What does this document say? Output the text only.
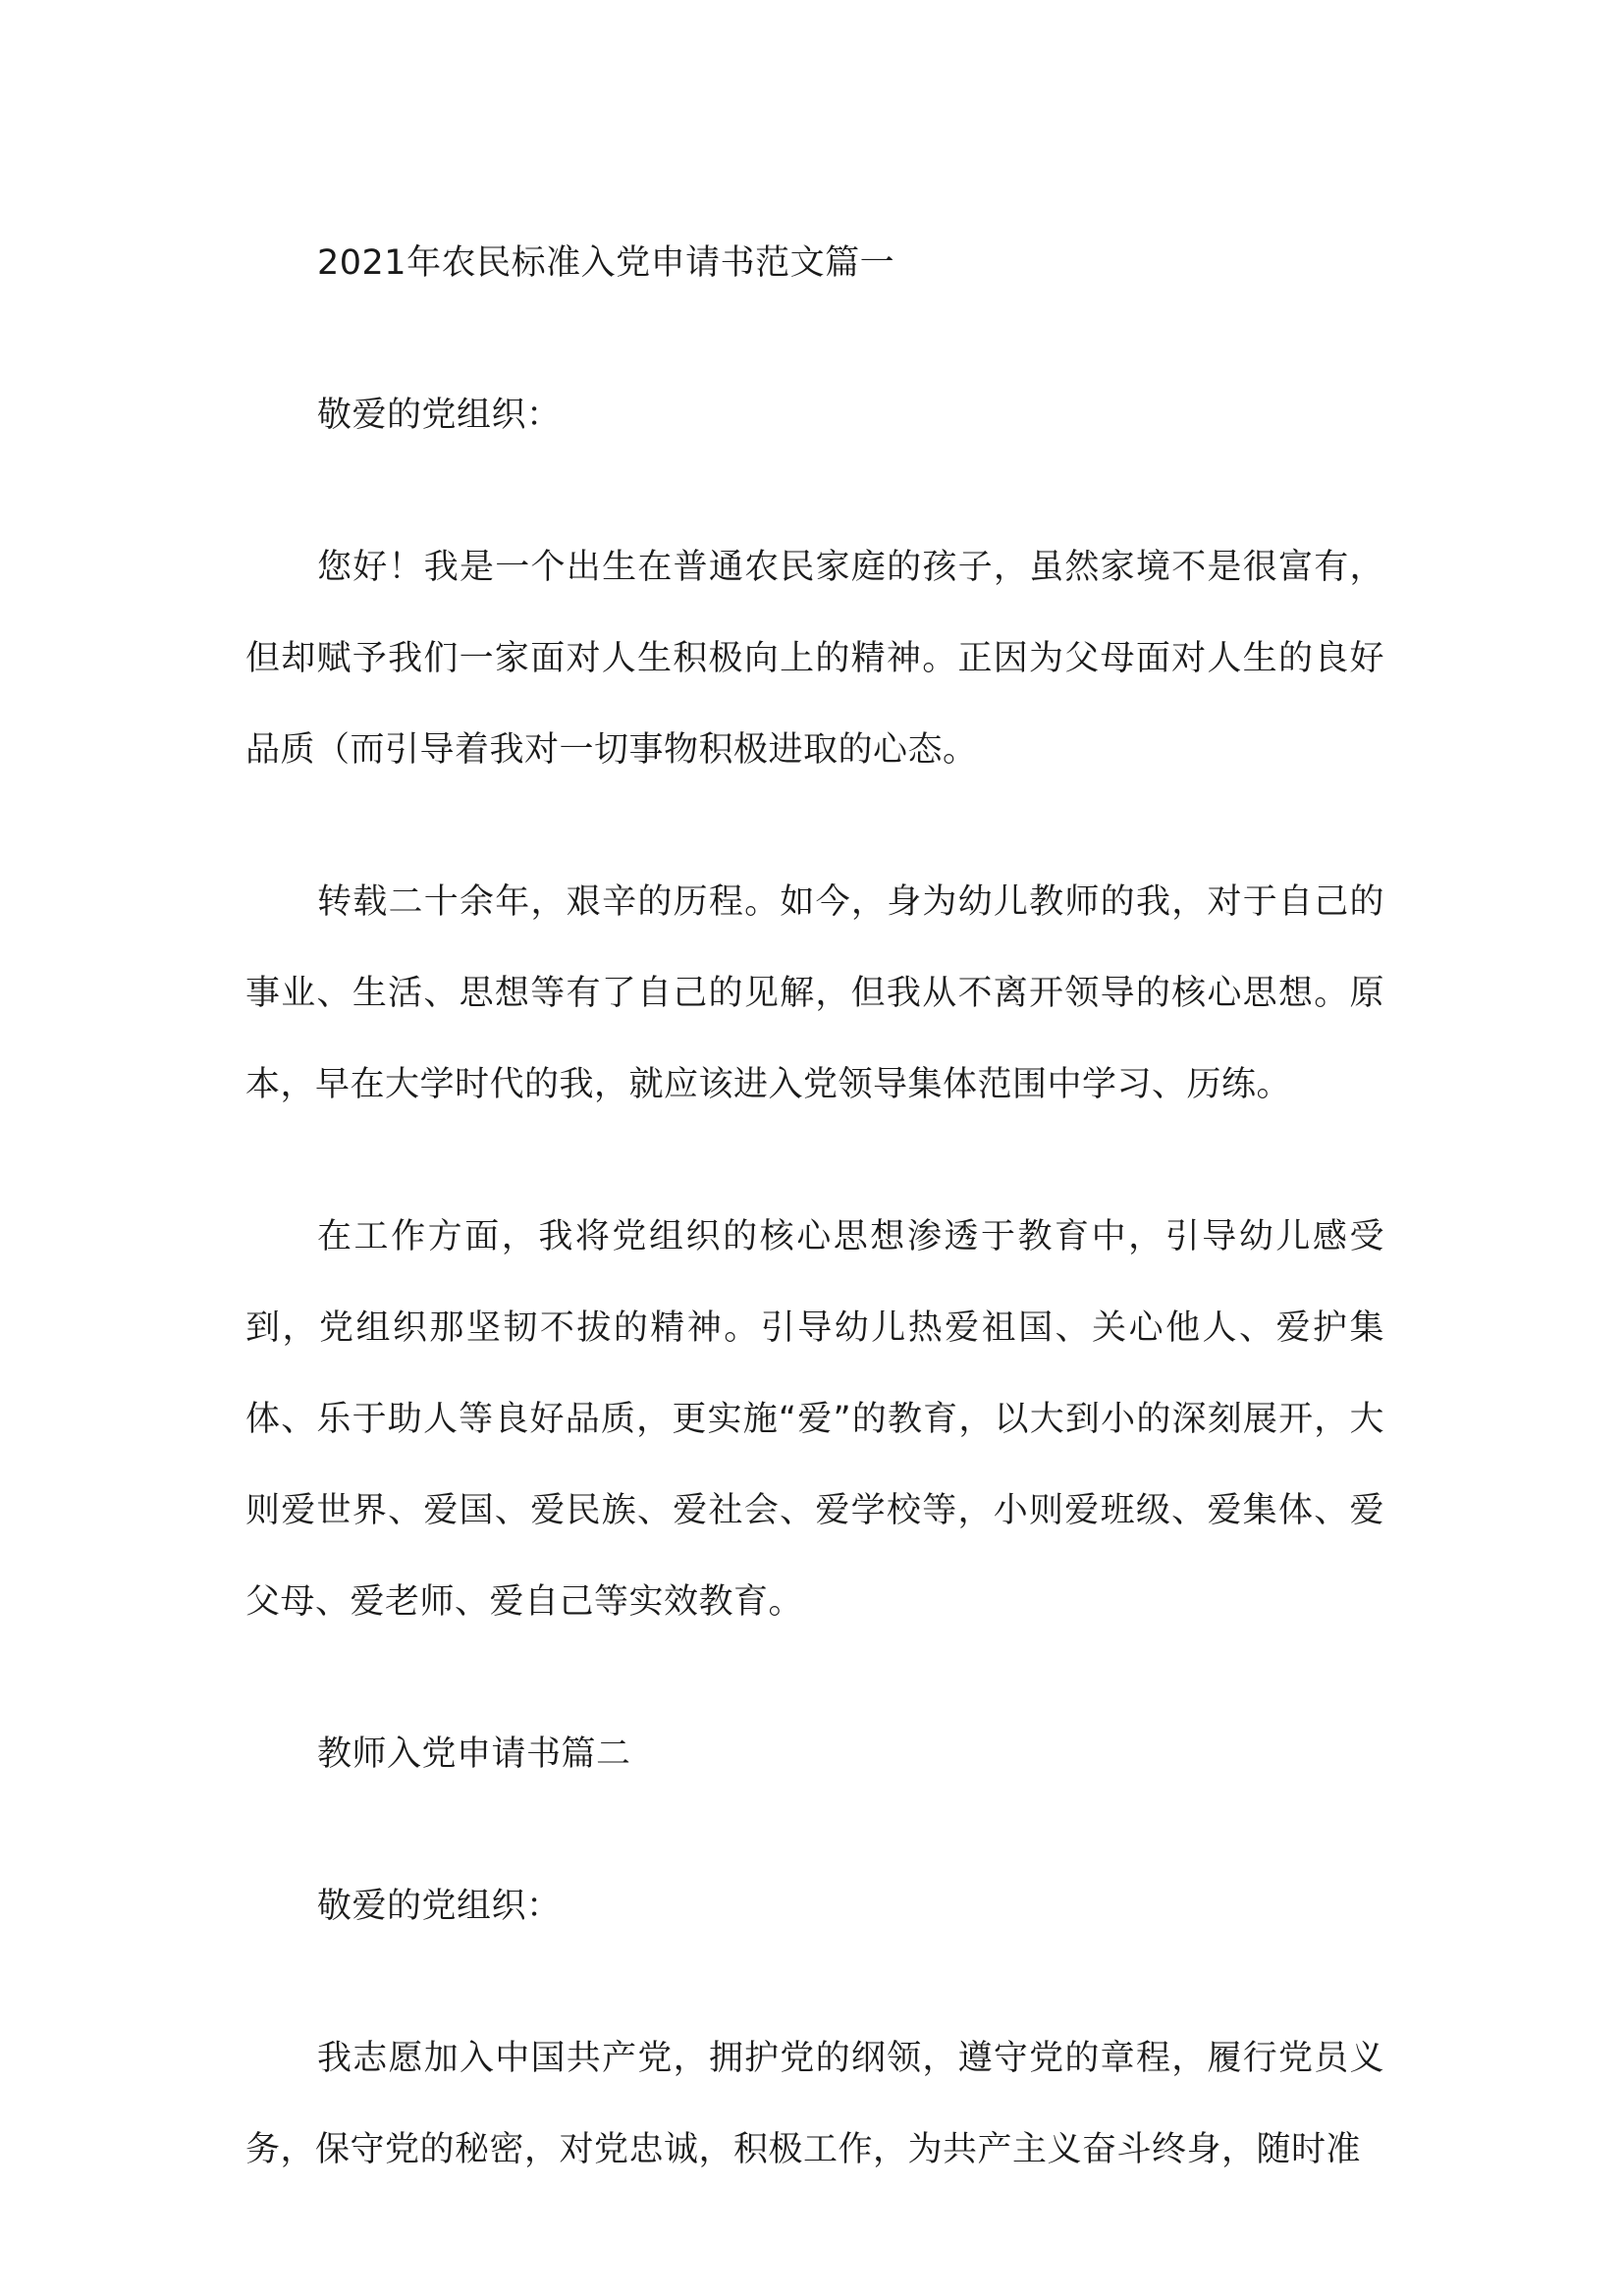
2021年农民标准入党申请书范文篇一

敬爱的党组织：

您好！我是一个出生在普通农民家庭的孩子，虽然家境不是很富有，但却赋予我们一家面对人生积极向上的精神。正因为父母面对人生的良好品质（而引导着我对一切事物积极进取的心态。

转载二十余年，艰辛的历程。如今，身为幼儿教师的我，对于自己的事业、生活、思想等有了自己的见解，但我从不离开领导的核心思想。原本，早在大学时代的我，就应该进入党领导集体范围中学习、历练。

在工作方面，我将党组织的核心思想渗透于教育中，引导幼儿感受到，党组织那坚韧不拔的精神。引导幼儿热爱祖国、关心他人、爱护集体、乐于助人等良好品质，更实施“爱”的教育，以大到小的深刻展开，大则爱世界、爱国、爱民族、爱社会、爱学校等，小则爱班级、爱集体、爱父母、爱老师、爱自己等实效教育。

教师入党申请书篇二

敬爱的党组织：

我志愿加入中国共产党，拥护党的纲领，遵守党的章程，履行党员义务，保守党的秘密，对党忠诚，积极工作，为共产主义奋斗终身，随时准
